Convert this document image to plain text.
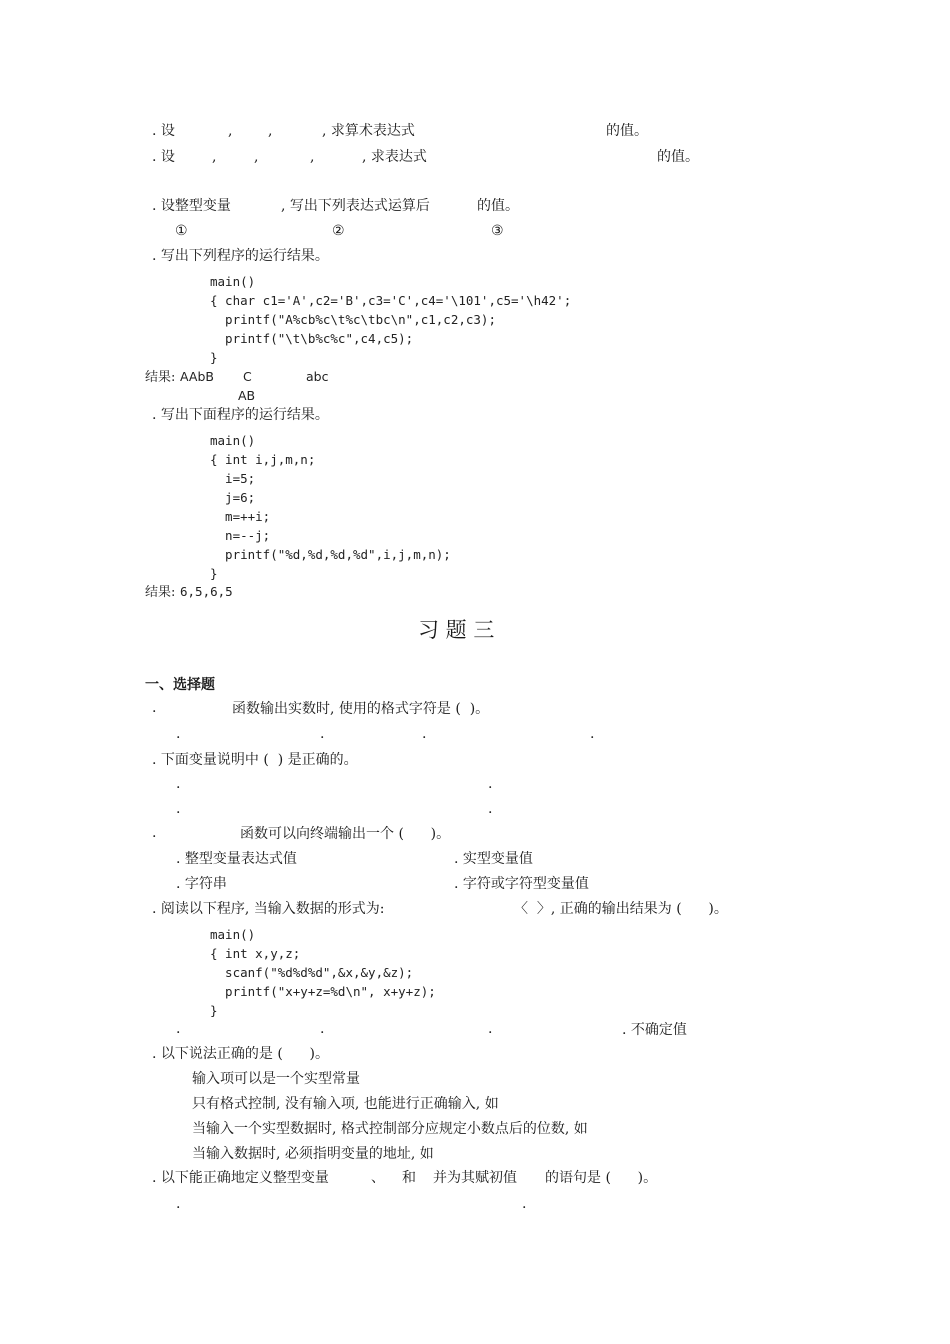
. 设	,	,	, 求算术表达式	的值。
. 设	,	,	,	, 求表达式	的值。
. 设整型变量	, 写出下列表达式运算后	的值。
①	②	③
. 写出下列程序的运行结果。
main()
{ char c1='A',c2='B',c3='C',c4='\101',c5='\h42';
printf("A%cb%c\t%c\tbc\n",c1,c2,c3);
printf("\t\b%c%c",c4,c5);
}
结果: AAbB C	abc
AB
. 写出下面程序的运行结果。
main()
{ int i,j,m,n;
i=5;
j=6;
m=++i;
n=--j;
printf("%d,%d,%d,%d",i,j,m,n);
}
结果: 6,5,6,5
习 题 三
一、选择题
.	函数输出实数时, 使用的格式字符是 (  )。
.	.	.	.
. 下面变量说明中 (  ) 是正确的。
.	.
.	.
.	函数可以向终端输出一个 (      )。
. 整型变量表达式值	. 实型变量值
. 字符串	. 字符或字符型变量值
. 阅读以下程序, 当输入数据的形式为:	〈  〉, 正确的输出结果为 (      )。
main()
{ int x,y,z;
scanf("%d%d%d",&x,&y,&z);
printf("x+y+z=%d\n", x+y+z);
}
.	.	.	. 不确定值
. 以下说法正确的是 (      )。
输入项可以是一个实型常量
只有格式控制, 没有输入项, 也能进行正确输入, 如
当输入一个实型数据时, 格式控制部分应规定小数点后的位数, 如
当输入数据时, 必须指明变量的地址, 如
. 以下能正确地定义整型变量	、 和 并为其赋初值 的语句是 (      )。
.	.
